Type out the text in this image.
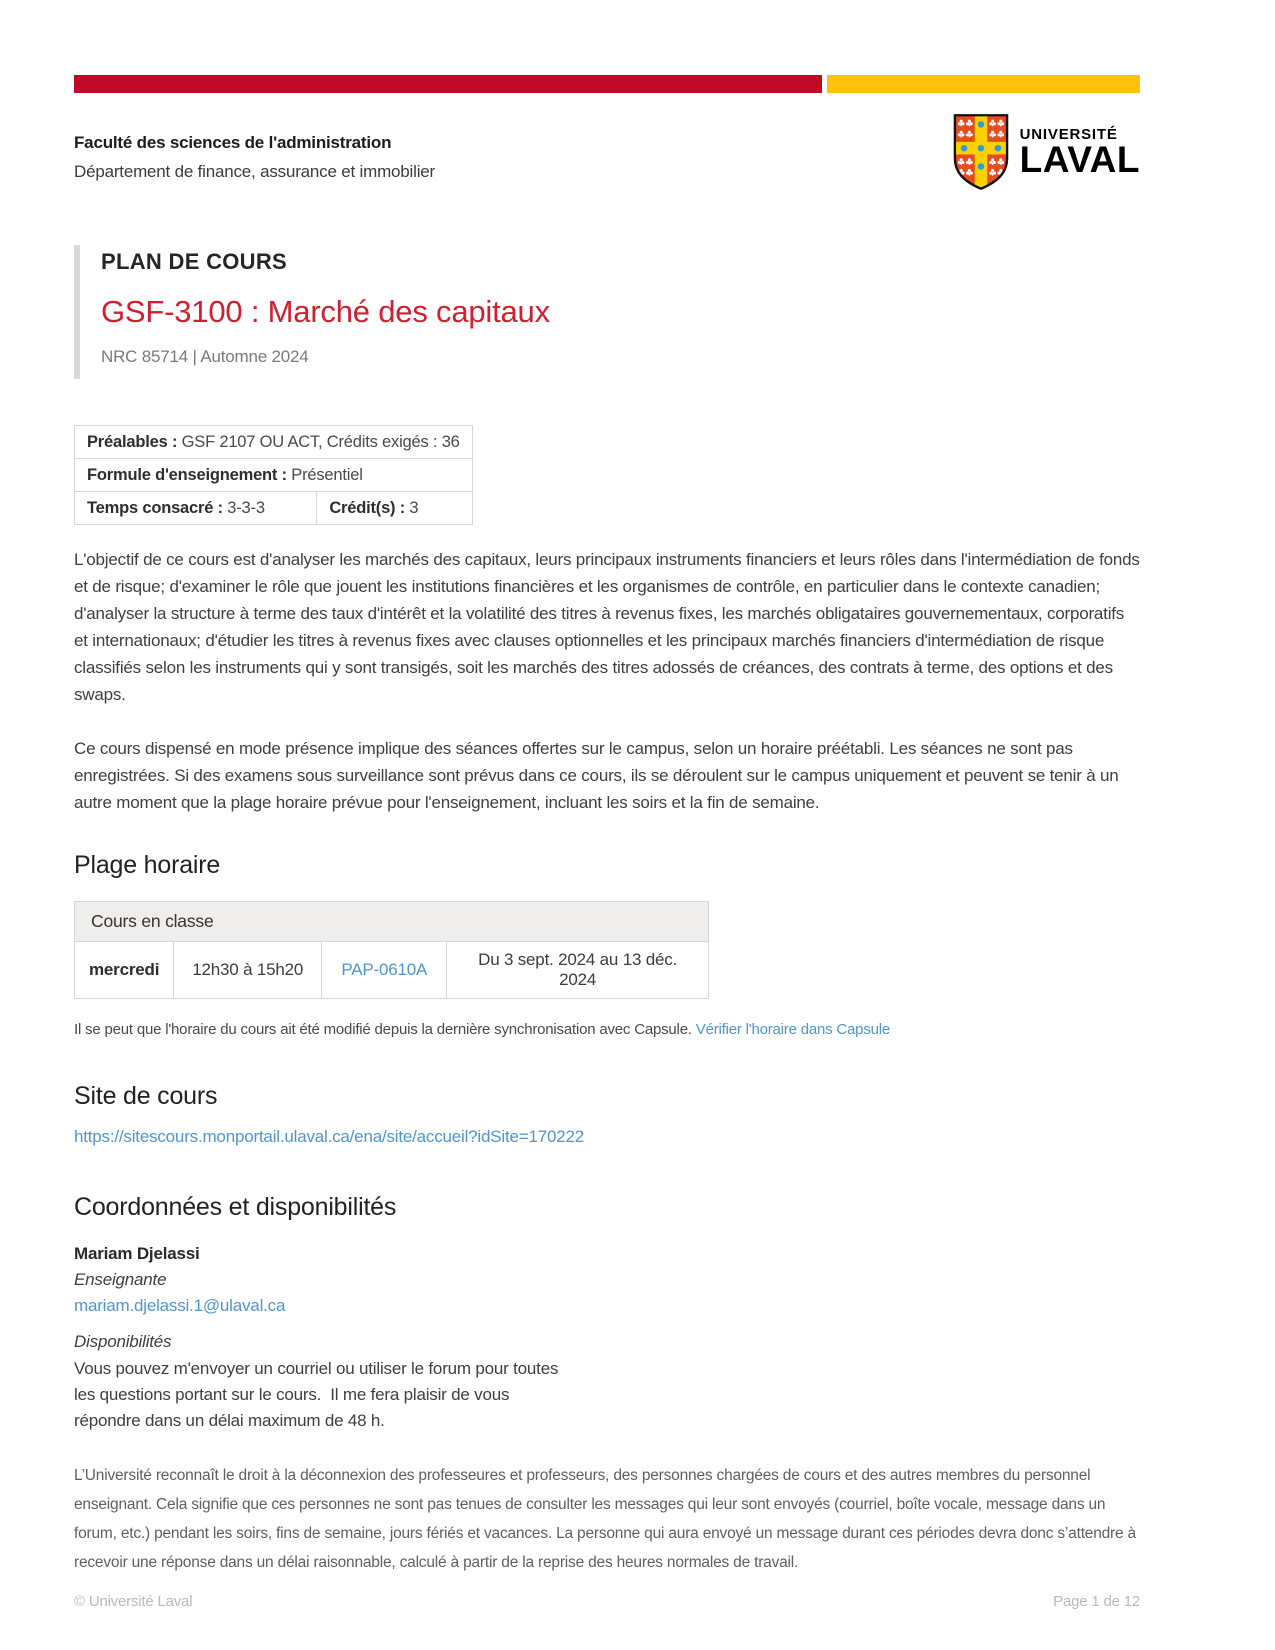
Faculté des sciences de l'administration
Département de finance, assurance et immobilier
UNIVERSITÉ
LAVAL
PLAN DE COURS
GSF-3100 : Marché des capitaux
NRC 85714 | Automne 2024
Préalables : GSF 2107 OU ACT, Crédits exigés : 36
Formule d'enseignement : Présentiel
Temps consacré : 3-3-3	Crédit(s) : 3

L'objectif de ce cours est d'analyser les marchés des capitaux, leurs principaux instruments financiers et leurs rôles dans l'intermédiation de fonds et de risque; d'examiner le rôle que jouent les institutions financières et les organismes de contrôle, en particulier dans le contexte canadien; d'analyser la structure à terme des taux d'intérêt et la volatilité des titres à revenus fixes, les marchés obligataires gouvernementaux, corporatifs et internationaux; d'étudier les titres à revenus fixes avec clauses optionnelles et les principaux marchés financiers d'intermédiation de risque classifiés selon les instruments qui y sont transigés, soit les marchés des titres adossés de créances, des contrats à terme, des options et des swaps.

Ce cours dispensé en mode présence implique des séances offertes sur le campus, selon un horaire préétabli. Les séances ne sont pas enregistrées. Si des examens sous surveillance sont prévus dans ce cours, ils se déroulent sur le campus uniquement et peuvent se tenir à un autre moment que la plage horaire prévue pour l'enseignement, incluant les soirs et la fin de semaine.

Plage horaire
Cours en classe
mercredi	12h30 à 15h20	PAP-0610A	Du 3 sept. 2024 au 13 déc. 2024

Il se peut que l'horaire du cours ait été modifié depuis la dernière synchronisation avec Capsule. Vérifier l'horaire dans Capsule

Site de cours
https://sitescours.monportail.ulaval.ca/ena/site/accueil?idSite=170222
Coordonnées et disponibilités
Mariam Djelassi
Enseignante
mariam.djelassi.1@ulaval.ca
Disponibilités

Vous pouvez m'envoyer un courriel ou utiliser le forum pour toutes les questions portant sur le cours.  Il me fera plaisir de vous répondre dans un délai maximum de 48 h.

L’Université reconnaît le droit à la déconnexion des professeures et professeurs, des personnes chargées de cours et des autres membres du personnel enseignant. Cela signifie que ces personnes ne sont pas tenues de consulter les messages qui leur sont envoyés (courriel, boîte vocale, message dans un forum, etc.) pendant les soirs, fins de semaine, jours fériés et vacances. La personne qui aura envoyé un message durant ces périodes devra donc s’attendre à recevoir une réponse dans un délai raisonnable, calculé à partir de la reprise des heures normales de travail.

© Université Laval	Page 1 de 12
